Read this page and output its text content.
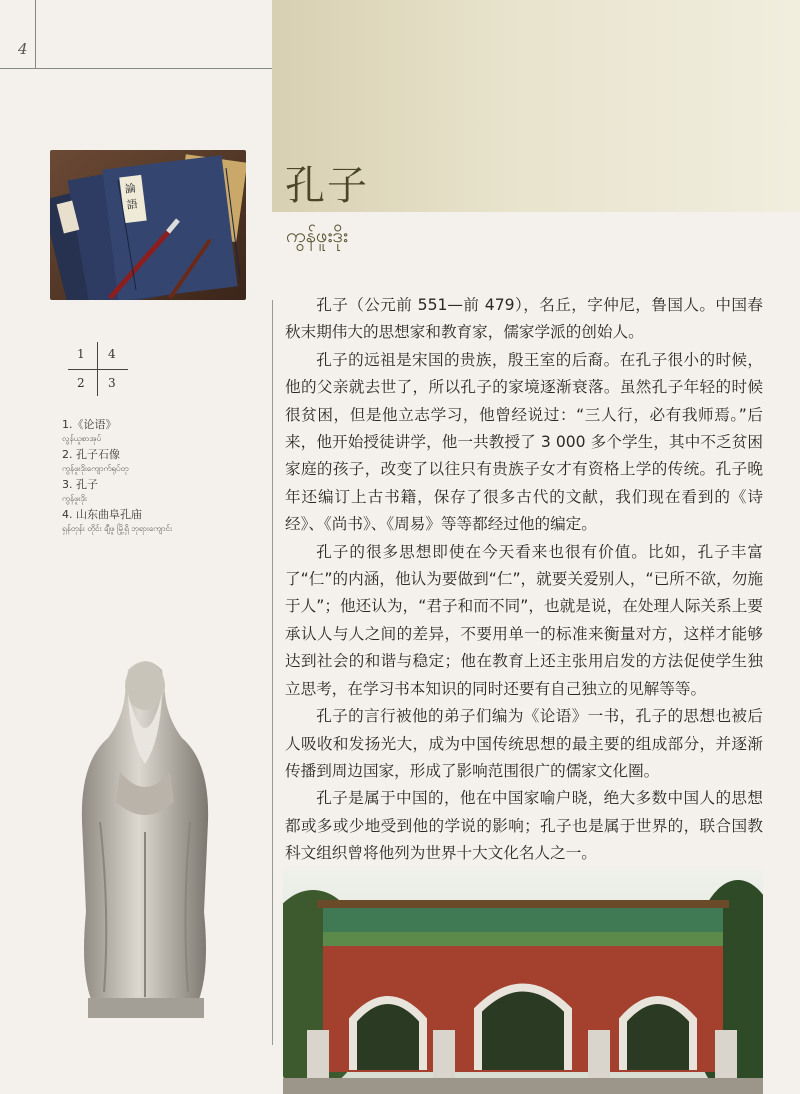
4
孔子
ကွန်ဖူးဒိုး
論
語
1 4
2 3
1.《论语》
လွန်ယူစာအုပ်
2. 孔子石像
ကွန်ဖူးဒိုးကျောက်ရုပ်တု
3. 孔子
ကွန်ဖူးဒိုး
4. 山东曲阜孔庙
ရှန်တုန်း တိုင်း ချီဖူ မြို့ရှိ ဘုရားကျောင်း

孔子（公元前 551—前 479），名丘，字仲尼，鲁国人。中国春秋末期伟大的思想家和教育家，儒家学派的创始人。

孔子的远祖是宋国的贵族，殷王室的后裔。在孔子很小的时候，他的父亲就去世了，所以孔子的家境逐渐衰落。虽然孔子年轻的时候很贫困，但是他立志学习，他曾经说过：“三人行，必有我师焉。”后来，他开始授徒讲学，他一共教授了 3 000 多个学生，其中不乏贫困家庭的孩子，改变了以往只有贵族子女才有资格上学的传统。孔子晚年还编订上古书籍，保存了很多古代的文献，我们现在看到的《诗经》、《尚书》、《周易》等等都经过他的编定。

孔子的很多思想即使在今天看来也很有价值。比如，孔子丰富了“仁”的内涵，他认为要做到“仁”，就要关爱别人，“已所不欲，勿施于人”；他还认为，“君子和而不同”，也就是说，在处理人际关系上要承认人与人之间的差异，不要用单一的标准来衡量对方，这样才能够达到社会的和谐与稳定；他在教育上还主张用启发的方法促使学生独立思考，在学习书本知识的同时还要有自己独立的见解等等。

孔子的言行被他的弟子们编为《论语》一书，孔子的思想也被后人吸收和发扬光大，成为中国传统思想的最主要的组成部分，并逐渐传播到周边国家，形成了影响范围很广的儒家文化圈。

孔子是属于中国的，他在中国家喻户晓，绝大多数中国人的思想都或多或少地受到他的学说的影响；孔子也是属于世界的，联合国教科文组织曾将他列为世界十大文化名人之一。
